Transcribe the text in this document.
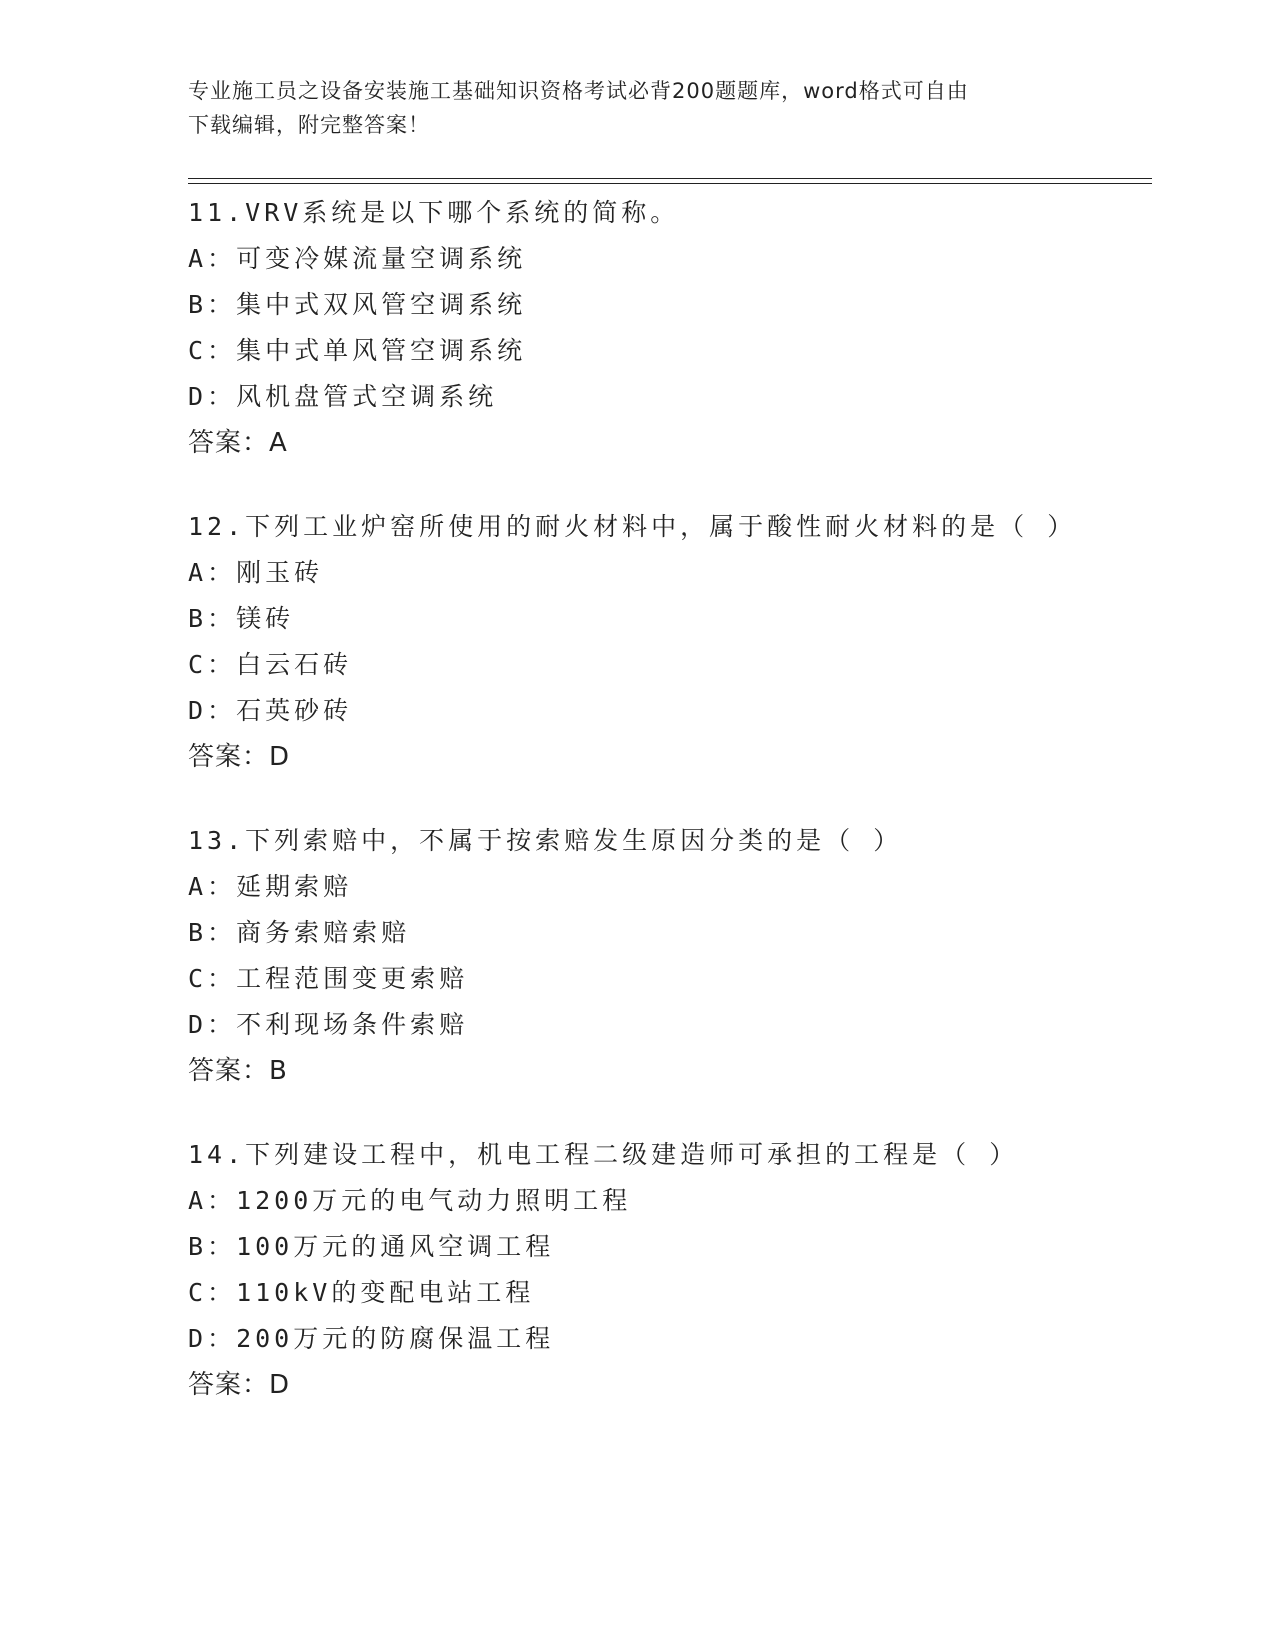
专业施工员之设备安装施工基础知识资格考试必背200题题库，word格式可自由
下载编辑，附完整答案！
11.VRV系统是以下哪个系统的简称。
A：可变冷媒流量空调系统
B：集中式双风管空调系统
C：集中式单风管空调系统
D：风机盘管式空调系统
答案：A
12.下列工业炉窑所使用的耐火材料中，属于酸性耐火材料的是（ ）
A：刚玉砖
B：镁砖
C：白云石砖
D：石英砂砖
答案：D
13.下列索赔中，不属于按索赔发生原因分类的是（ ）
A：延期索赔
B：商务索赔索赔
C：工程范围变更索赔
D：不利现场条件索赔
答案：B
14.下列建设工程中，机电工程二级建造师可承担的工程是（ ）
A：1200万元的电气动力照明工程
B：100万元的通风空调工程
C：110kV的变配电站工程
D：200万元的防腐保温工程
答案：D
